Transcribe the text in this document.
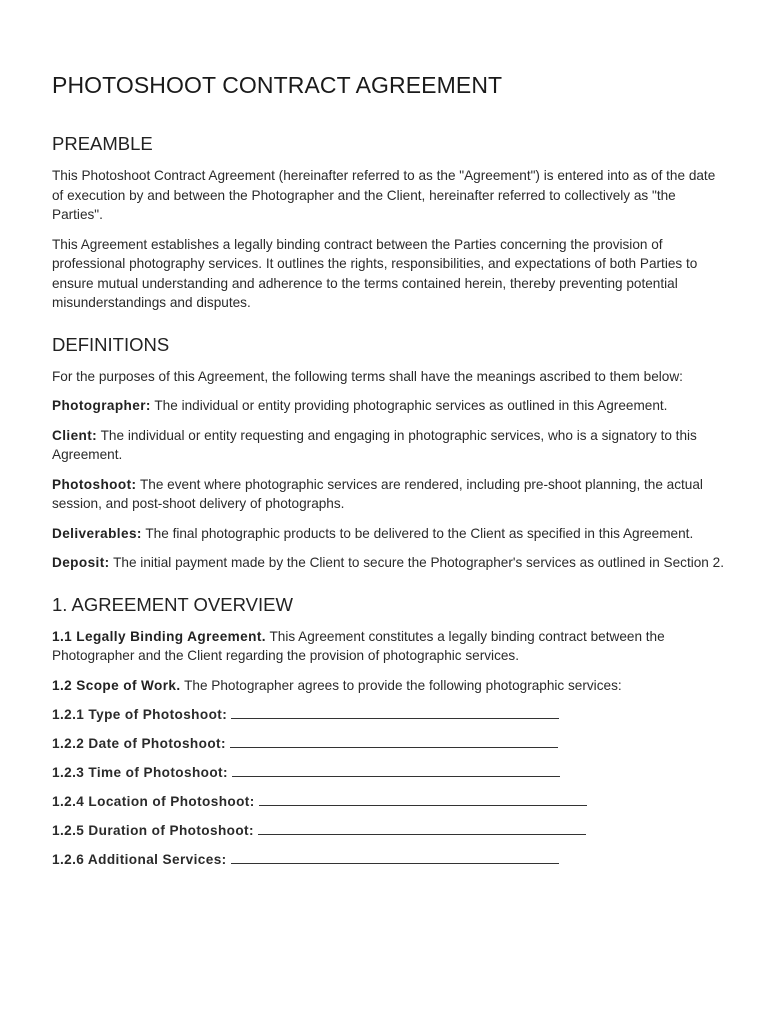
PHOTOSHOOT CONTRACT AGREEMENT
PREAMBLE

This Photoshoot Contract Agreement (hereinafter referred to as the "Agreement") is entered into as of the date of execution by and between the Photographer and the Client, hereinafter referred to collectively as "the Parties".

This Agreement establishes a legally binding contract between the Parties concerning the provision of professional photography services. It outlines the rights, responsibilities, and expectations of both Parties to ensure mutual understanding and adherence to the terms contained herein, thereby preventing potential misunderstandings and disputes.

DEFINITIONS

For the purposes of this Agreement, the following terms shall have the meanings ascribed to them below:

Photographer: The individual or entity providing photographic services as outlined in this Agreement.

Client: The individual or entity requesting and engaging in photographic services, who is a signatory to this Agreement.

Photoshoot: The event where photographic services are rendered, including pre-shoot planning, the actual session, and post-shoot delivery of photographs.

Deliverables: The final photographic products to be delivered to the Client as specified in this Agreement.

Deposit: The initial payment made by the Client to secure the Photographer's services as outlined in Section 2.

1. AGREEMENT OVERVIEW

1.1 Legally Binding Agreement. This Agreement constitutes a legally binding contract between the Photographer and the Client regarding the provision of photographic services.

1.2 Scope of Work. The Photographer agrees to provide the following photographic services:

1.2.1 Type of Photoshoot:
1.2.2 Date of Photoshoot:
1.2.3 Time of Photoshoot:
1.2.4 Location of Photoshoot:
1.2.5 Duration of Photoshoot:
1.2.6 Additional Services:
